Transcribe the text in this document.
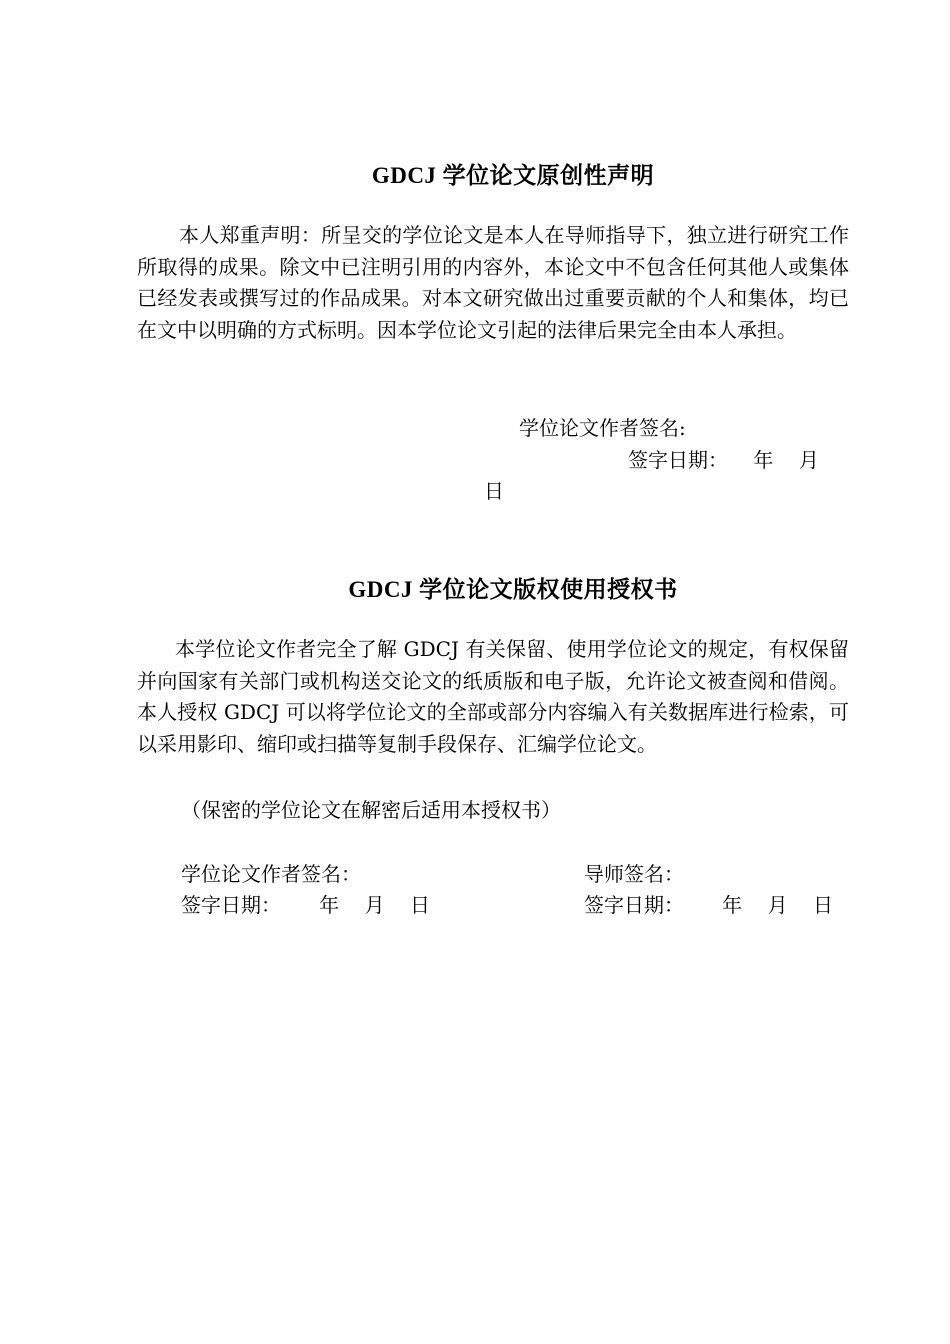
GDCJ 学位论文原创性声明
本人郑重声明：所呈交的学位论文是本人在导师指导下，独立进行研究工作所取得的成果。除文中已注明引用的内容外，本论文中不包含任何其他人或集体已经发表或撰写过的作品成果。对本文研究做出过重要贡献的个人和集体，均已在文中以明确的方式标明。因本学位论文引起的法律后果完全由本人承担。
学位论文作者签名:
签字日期：    年    月
日
GDCJ 学位论文版权使用授权书
本学位论文作者完全了解 GDCJ 有关保留、使用学位论文的规定，有权保留并向国家有关部门或机构送交论文的纸质版和电子版，允许论文被查阅和借阅。本人授权 GDCJ 可以将学位论文的全部或部分内容编入有关数据库进行检索，可以采用影印、缩印或扫描等复制手段保存、汇编学位论文。
（保密的学位论文在解密后适用本授权书）
学位论文作者签名：
签字日期：      年    月    日
导师签名：
签字日期：      年    月    日
